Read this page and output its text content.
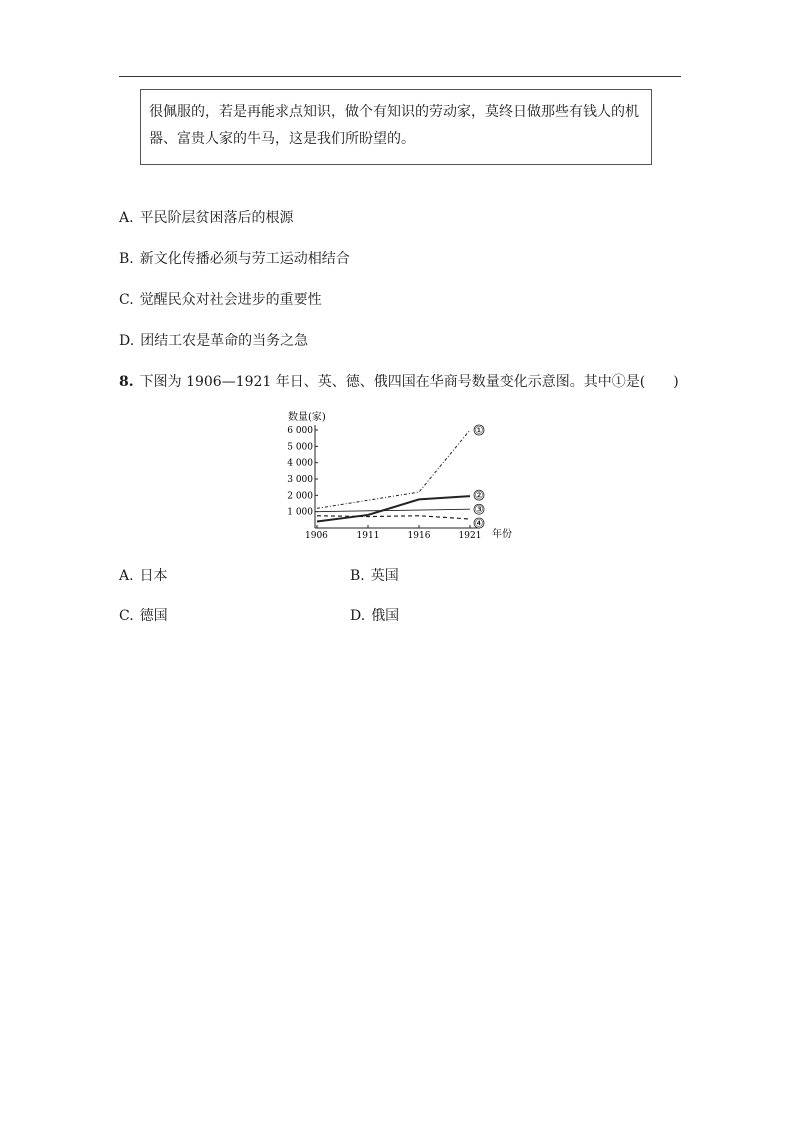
很佩服的，若是再能求点知识，做个有知识的劳动家，莫终日做那些有钱人的机
器、富贵人家的牛马，这是我们所盼望的。
A. 平民阶层贫困落后的根源
B. 新文化传播必须与劳工运动相结合
C. 觉醒民众对社会进步的重要性
D. 团结工农是革命的当务之急
8. 下图为 1906—1921 年日、英、德、俄四国在华商号数量变化示意图。其中①是(　　)
数量(家)
年份
1 000
2 000
3 000
4 000
5 000
6 000
1906	1911	1916	1921
①
②
③
④
A. 日本	B. 英国
C. 德国	D. 俄国
